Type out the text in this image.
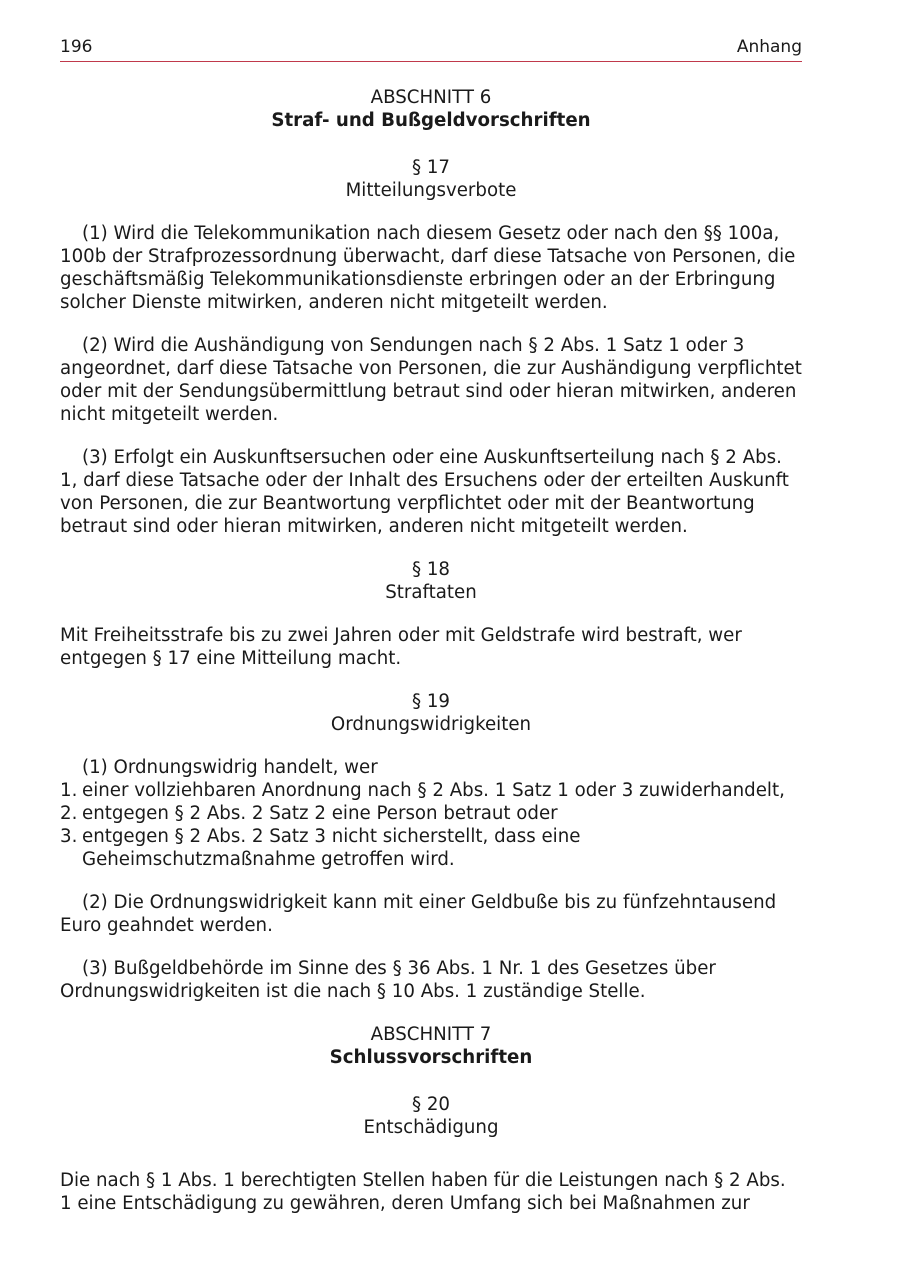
196	Anhang
ABSCHNITT 6
Straf- und Bußgeldvorschriften
§ 17
Mitteilungsverbote

(1) Wird die Telekommunikation nach diesem Gesetz oder nach den §§ 100a, 100b der Strafprozessordnung überwacht, darf diese Tatsache von Personen, die geschäftsmäßig Telekommunikationsdienste erbringen oder an der Erbringung solcher Dienste mitwirken, anderen nicht mitgeteilt werden.

(2) Wird die Aushändigung von Sendungen nach § 2 Abs. 1 Satz 1 oder 3 angeordnet, darf diese Tatsache von Personen, die zur Aushändigung verpflichtet oder mit der Sendungsübermittlung betraut sind oder hieran mitwirken, anderen nicht mitgeteilt werden.

(3) Erfolgt ein Auskunftsersuchen oder eine Auskunftserteilung nach § 2 Abs. 1, darf diese Tatsache oder der Inhalt des Ersuchens oder der erteilten Auskunft von Personen, die zur Beantwortung verpflichtet oder mit der Beantwortung betraut sind oder hieran mitwirken, anderen nicht mitgeteilt werden.

§ 18
Straftaten

Mit Freiheitsstrafe bis zu zwei Jahren oder mit Geldstrafe wird bestraft, wer entgegen § 17 eine Mitteilung macht.

§ 19
Ordnungswidrigkeiten
(1) Ordnungswidrig handelt, wer
1. einer vollziehbaren Anordnung nach § 2 Abs. 1 Satz 1 oder 3 zuwiderhandelt,
2. entgegen § 2 Abs. 2 Satz 2 eine Person betraut oder
3. entgegen § 2 Abs. 2 Satz 3 nicht sicherstellt, dass eine Geheimschutzmaßnahme getroffen wird.

(2) Die Ordnungswidrigkeit kann mit einer Geldbuße bis zu fünfzehntausend Euro geahndet werden.

(3) Bußgeldbehörde im Sinne des § 36 Abs. 1 Nr. 1 des Gesetzes über Ordnungswidrigkeiten ist die nach § 10 Abs. 1 zuständige Stelle.

ABSCHNITT 7
Schlussvorschriften
§ 20
Entschädigung

Die nach § 1 Abs. 1 berechtigten Stellen haben für die Leistungen nach § 2 Abs. 1 eine Entschädigung zu gewähren, deren Umfang sich bei Maßnahmen zur
